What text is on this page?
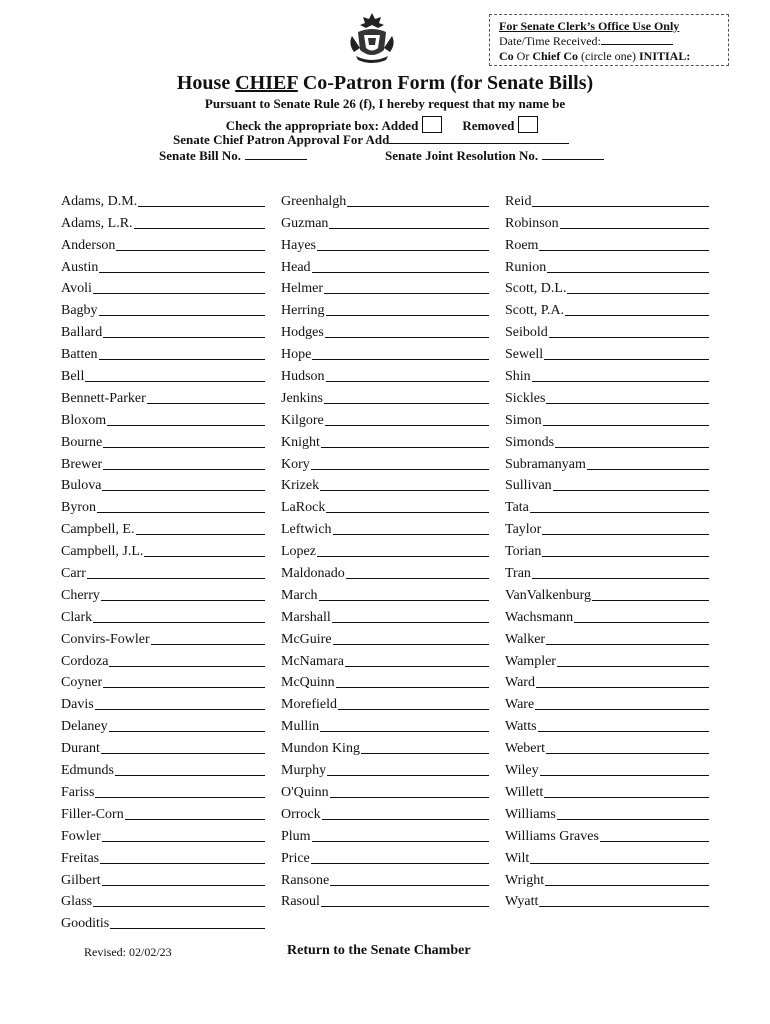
For Senate Clerk’s Office Use Only
Date/Time Received:
Co Or Chief Co (circle one) INITIAL:
House CHIEF Co-Patron Form (for Senate Bills)
Pursuant to Senate Rule 26 (f), I hereby request that my name be
Check the appropriate box: Added	Removed
Senate Chief Patron Approval For Add
Senate Bill No.	Senate Joint Resolution No.
Adams, D.M.
Adams, L.R.
Anderson
Austin
Avoli
Bagby
Ballard
Batten
Bell
Bennett-Parker
Bloxom
Bourne
Brewer
Bulova
Byron
Campbell, E.
Campbell, J.L.
Carr
Cherry
Clark
Convirs-Fowler
Cordoza
Coyner
Davis
Delaney
Durant
Edmunds
Fariss
Filler-Corn
Fowler
Freitas
Gilbert
Glass
Gooditis
Greenhalgh
Guzman
Hayes
Head
Helmer
Herring
Hodges
Hope
Hudson
Jenkins
Kilgore
Knight
Kory
Krizek
LaRock
Leftwich
Lopez
Maldonado
March
Marshall
McGuire
McNamara
McQuinn
Morefield
Mullin
Mundon King
Murphy
O'Quinn
Orrock
Plum
Price
Ransone
Rasoul
Reid
Robinson
Roem
Runion
Scott, D.L.
Scott, P.A.
Seibold
Sewell
Shin
Sickles
Simon
Simonds
Subramanyam
Sullivan
Tata
Taylor
Torian
Tran
VanValkenburg
Wachsmann
Walker
Wampler
Ward
Ware
Watts
Webert
Wiley
Willett
Williams
Williams Graves
Wilt
Wright
Wyatt
Revised: 02/02/23	Return to the Senate Chamber
